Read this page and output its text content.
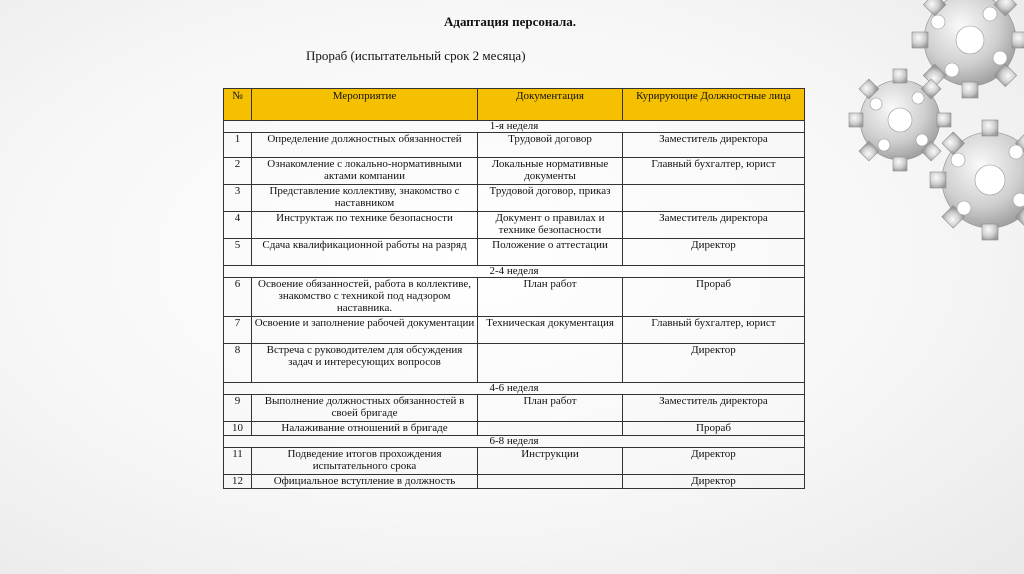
Адаптация персонала.
Прораб (испытательный срок 2 месяца)
№	Мероприятие	Документация	Курирующие Должностные лица
1-я неделя			
1	Определение должностных обязанностей	Трудовой договор	Заместитель директора
2	Ознакомление с локально-нормативными актами компании	Локальные нормативные документы	Главный бухгалтер, юрист
3	Представление коллективу, знакомство с наставником	Трудовой договор, приказ	
4	Инструктаж по технике безопасности	Документ о правилах и технике безопасности	Заместитель директора
5	Сдача квалификационной работы на разряд	Положение о аттестации	Директор
2-4 неделя			
6	Освоение обязанностей, работа в коллективе, знакомство с техникой под надзором наставника.	План работ	Прораб
7	Освоение и заполнение рабочей документации	Техническая документация	Главный бухгалтер, юрист
8	Встреча с руководителем для обсуждения задач и интересующих вопросов		Директор
4-6 неделя			
9	Выполнение должностных обязанностей в своей бригаде	План работ	Заместитель директора
10	Налаживание отношений в бригаде		Прораб
6-8 неделя			
11	Подведение итогов прохождения испытательного срока	Инструкции	Директор
12	Официальное вступление в должность		Директор
